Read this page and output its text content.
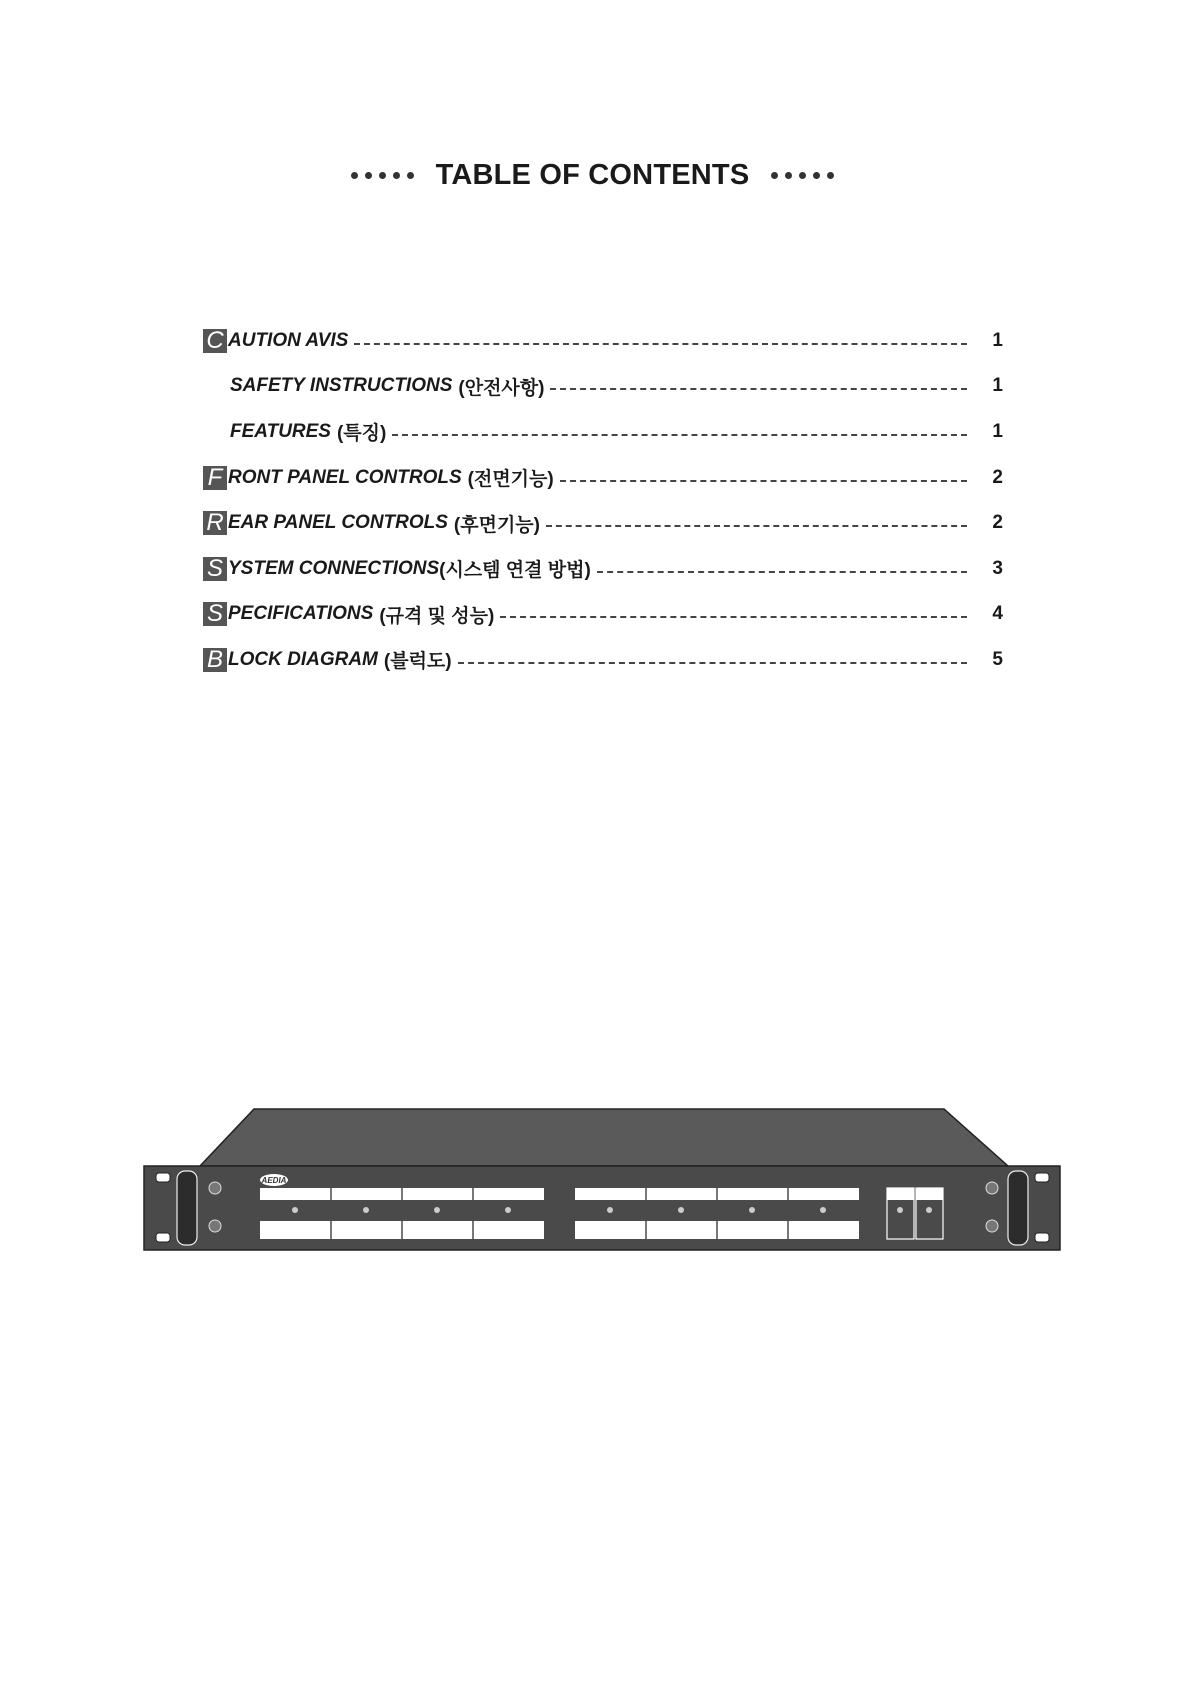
TABLE OF CONTENTS
C AUTION AVIS	1
SAFETY INSTRUCTIONS (안전사항)	1
FEATURES (특징)	1
F RONT PANEL CONTROLS (전면기능)	2
R EAR PANEL CONTROLS (후면기능)	2
S YSTEM CONNECTIONS (시스템 연결 방법)	3
S PECIFICATIONS (규격 및 성능)	4
B LOCK DIAGRAM (블럭도)	5
AEDIA
